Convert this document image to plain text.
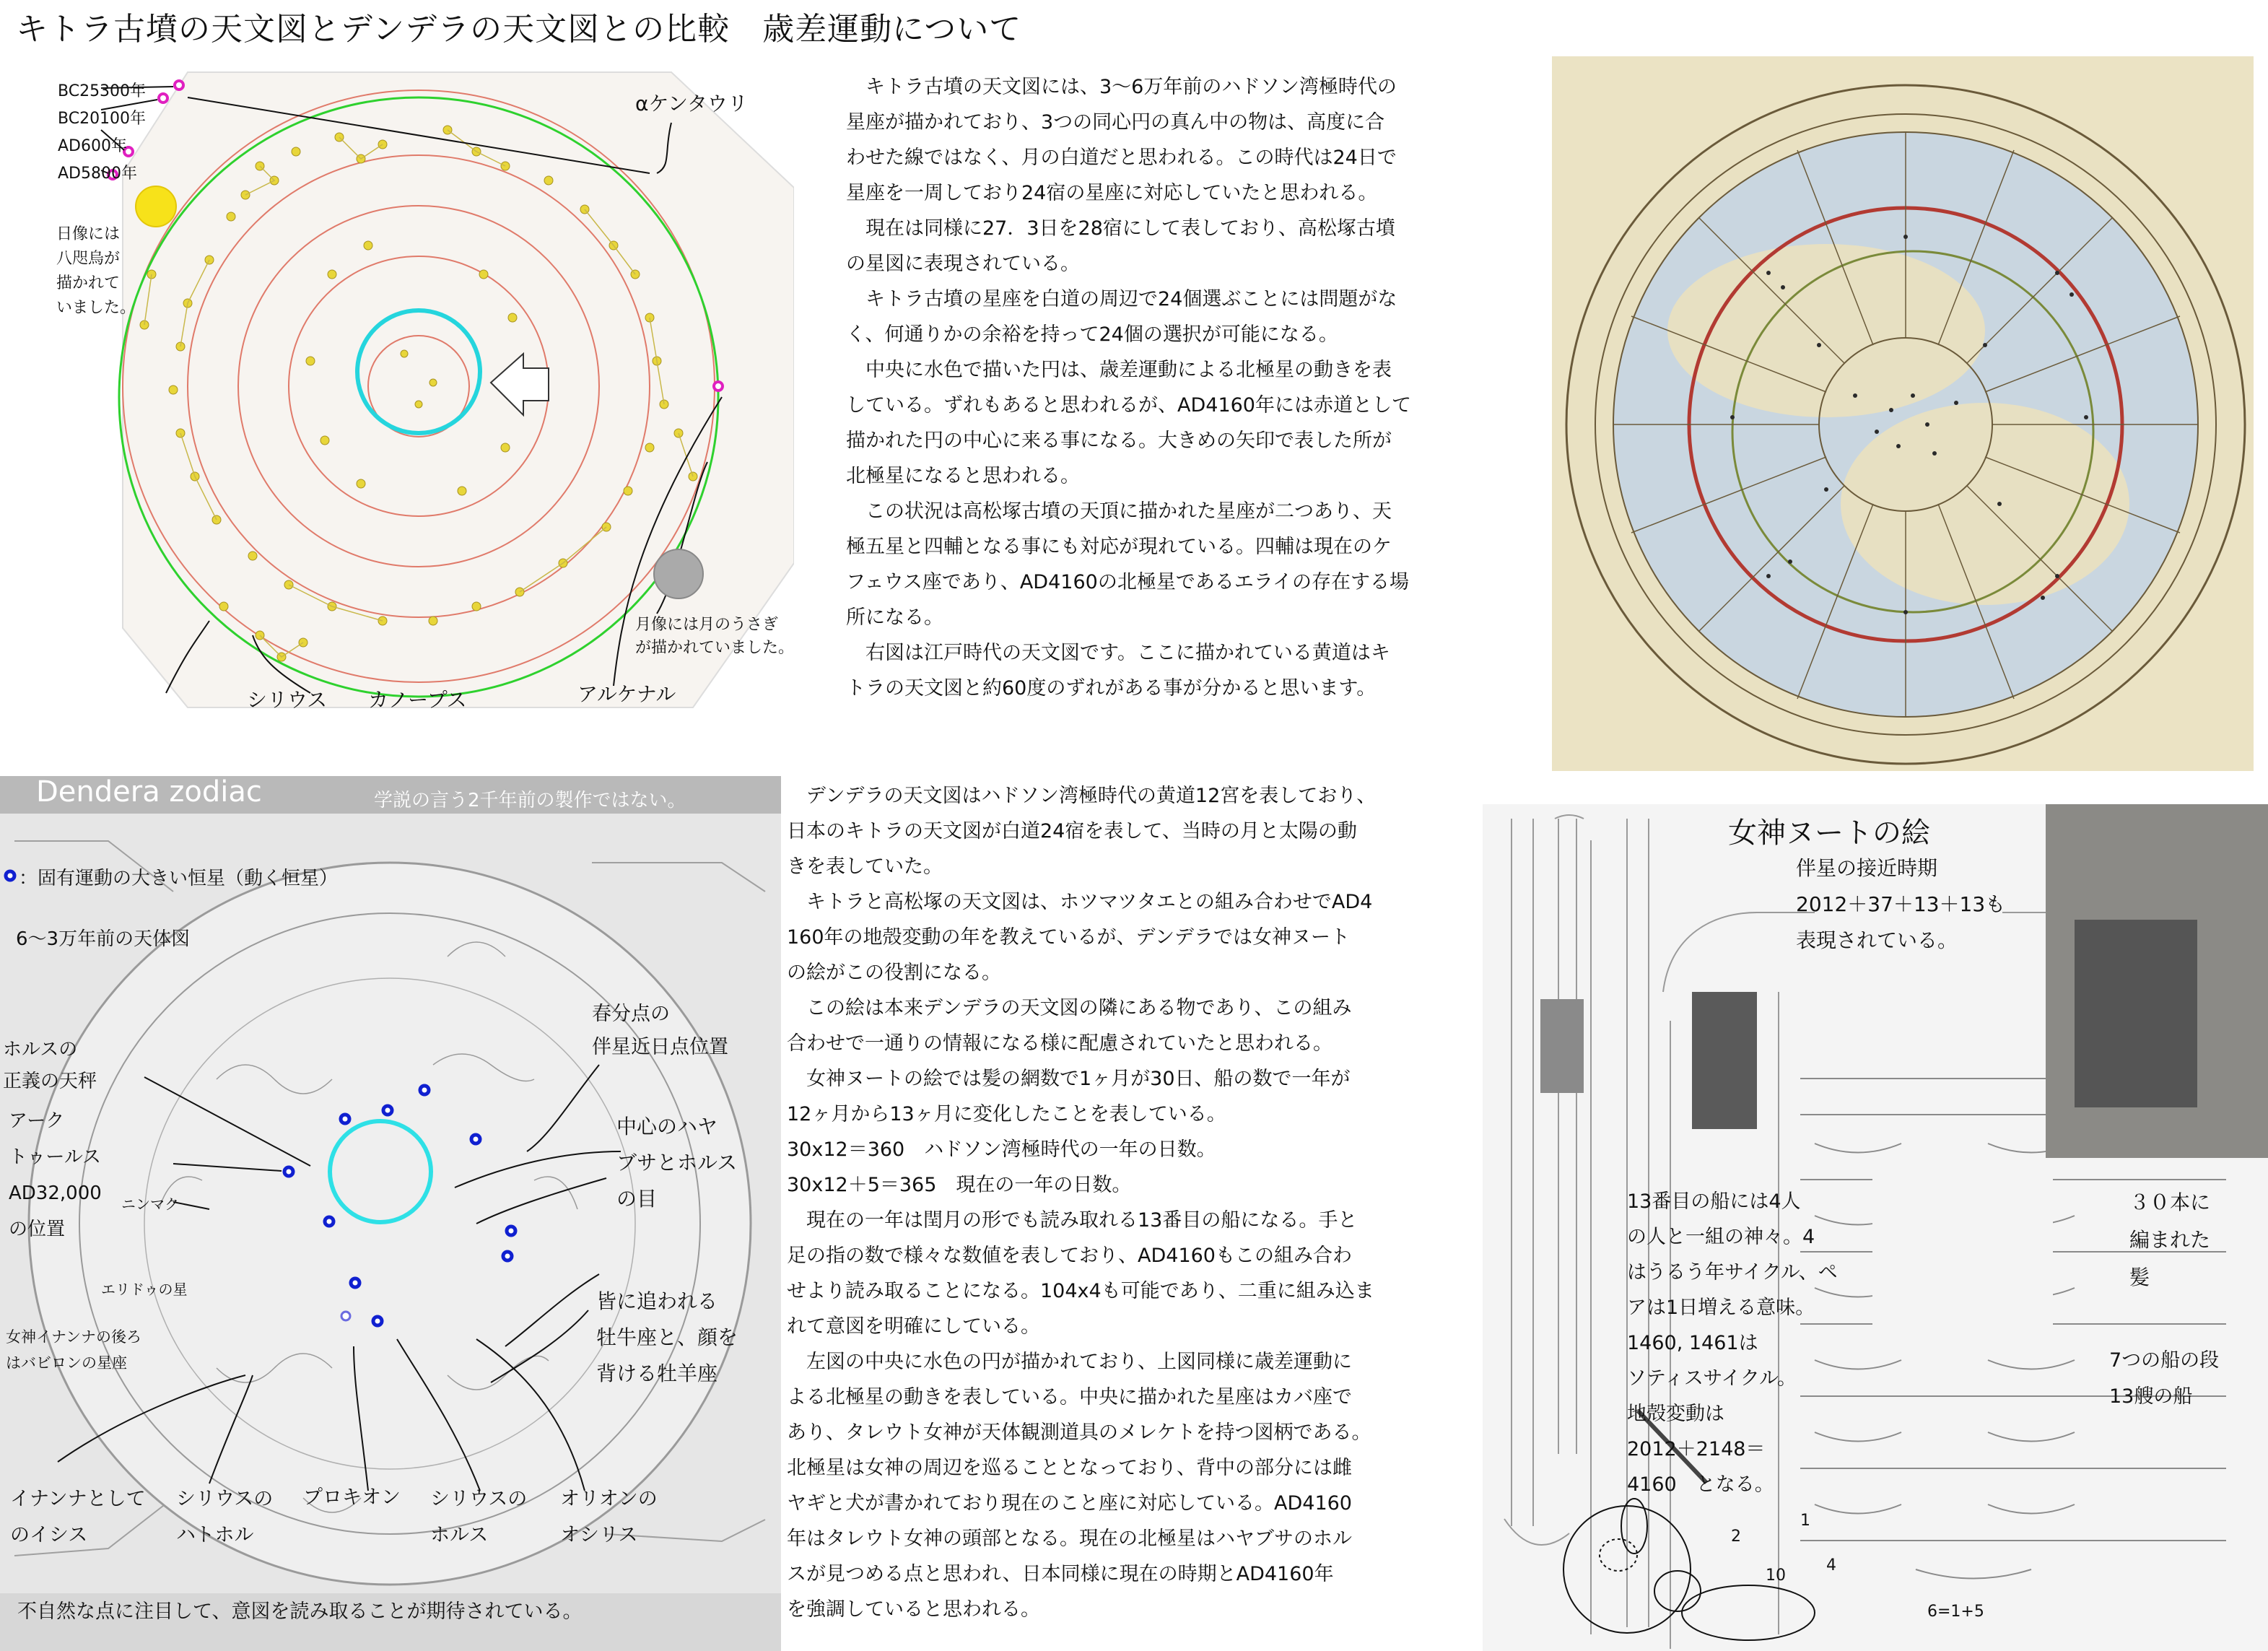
キトラ古墳の天文図とデンデラの天文図との比較　歳差運動について
BC25300年
BC20100年
AD600年
AD5800年
日像には
八咫烏が
描かれて
いました。
αケンタウリ
月像には月のうさぎ
が描かれていました。
シリウス カノープス	アルケナル
　キトラ古墳の天文図には、3～6万年前のハドソン湾極時代の
星座が描かれており、3つの同心円の真ん中の物は、高度に合
わせた線ではなく、月の白道だと思われる。この時代は24日で
星座を一周しており24宿の星座に対応していたと思われる。
　現在は同様に27．3日を28宿にして表しており、高松塚古墳
の星図に表現されている。
　キトラ古墳の星座を白道の周辺で24個選ぶことには問題がな
く、何通りかの余裕を持って24個の選択が可能になる。
　中央に水色で描いた円は、歳差運動による北極星の動きを表
している。ずれもあると思われるが、AD4160年には赤道として
描かれた円の中心に来る事になる。大きめの矢印で表した所が
北極星になると思われる。
　この状況は高松塚古墳の天頂に描かれた星座が二つあり、天
極五星と四輔となる事にも対応が現れている。四輔は現在のケ
フェウス座であり、AD4160の北極星であるエライの存在する場
所になる。
　右図は江戸時代の天文図です。ここに描かれている黄道はキ
トラの天文図と約60度のずれがある事が分かると思います。
Dendera zodiac	学説の言う2千年前の製作ではない。
：固有運動の大きい恒星（動く恒星）
6～3万年前の天体図
ホルスの
正義の天秤
アーク
トゥールス
AD32,000
の位置
ニンマク
エリドゥの星
女神イナンナの後ろ
はバビロンの星座
春分点の
伴星近日点位置
中心のハヤ
ブサとホルス
の目
皆に追われる
牡牛座と、顔を
背ける牡羊座
イナンナとして
のイシス
シリウスの
ハトホル
プロキオン シリウスの
ホルス
オリオンの
オシリス
不自然な点に注目して、意図を読み取ることが期待されている。
　デンデラの天文図はハドソン湾極時代の黄道12宮を表しており、
日本のキトラの天文図が白道24宿を表して、当時の月と太陽の動
きを表していた。
　キトラと高松塚の天文図は、ホツマツタエとの組み合わせでAD4
160年の地殻変動の年を教えているが、デンデラでは女神ヌート
の絵がこの役割になる。
　この絵は本来デンデラの天文図の隣にある物であり、この組み
合わせで一通りの情報になる様に配慮されていたと思われる。
　女神ヌートの絵では髪の網数で1ヶ月が30日、船の数で一年が
12ヶ月から13ヶ月に変化したことを表している。
30x12＝360　ハドソン湾極時代の一年の日数。
30x12＋5＝365　現在の一年の日数。
　現在の一年は閏月の形でも読み取れる13番目の船になる。手と
足の指の数で様々な数値を表しており、AD4160もこの組み合わ
せより読み取ることになる。104x4も可能であり、二重に組み込ま
れて意図を明確にしている。
　左図の中央に水色の円が描かれており、上図同様に歳差運動に
よる北極星の動きを表している。中央に描かれた星座はカバ座で
あり、タレウト女神が天体観測道具のメレケトを持つ図柄である。
北極星は女神の周辺を巡ることとなっており、背中の部分には雌
ヤギと犬が書かれており現在のこと座に対応している。AD4160
年はタレウト女神の頭部となる。現在の北極星はハヤブサのホル
スが見つめる点と思われ、日本同様に現在の時期とAD4160年
を強調していると思われる。
女神ヌートの絵
伴星の接近時期
2012＋37＋13＋13も
表現されている。
13番目の船には4人
の人と一組の神々。4
はうるう年サイクル、ペ
アは1日増える意味。
1460, 1461は
ソティスサイクル。
地殻変動は
2012＋2148＝
4160　となる。
３０本に
編まれた
髪
7つの船の段
13艘の船
1
2
10
4
6=1+5
